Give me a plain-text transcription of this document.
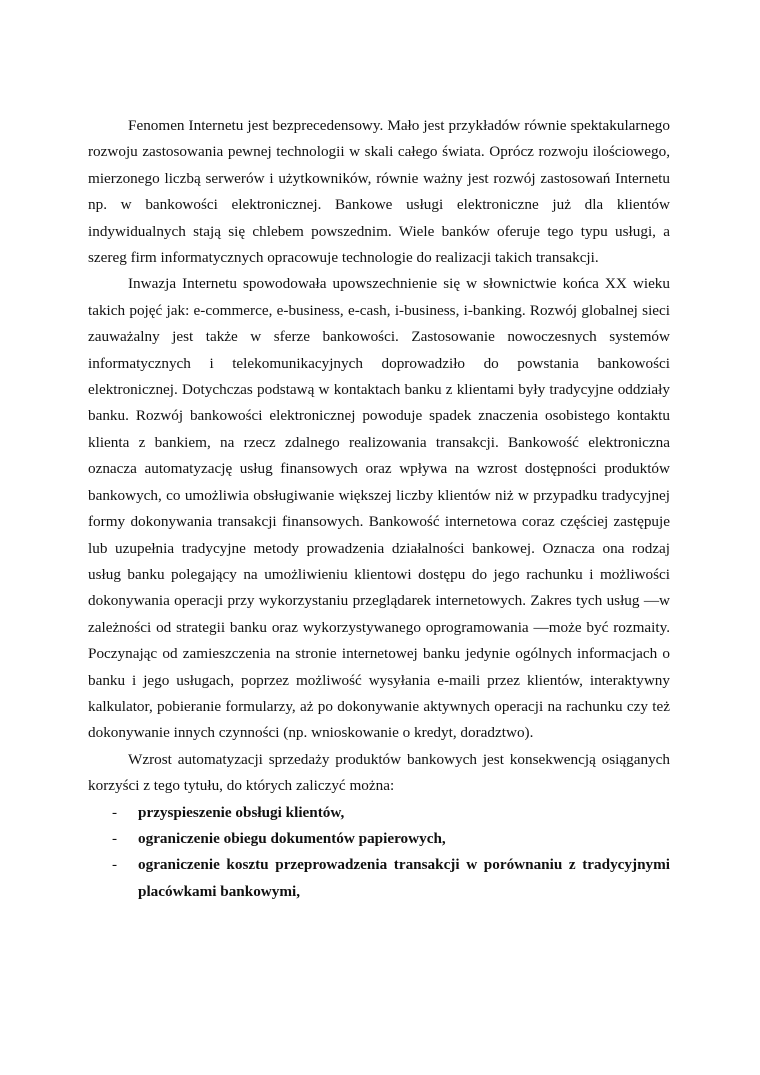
Fenomen Internetu jest bezprecedensowy. Mało jest przykładów równie spektakularnego rozwoju zastosowania pewnej technologii w skali całego świata. Oprócz rozwoju ilościowego, mierzonego liczbą serwerów i użytkowników, równie ważny jest rozwój zastosowań Internetu np. w bankowości elektronicznej. Bankowe usługi elektroniczne już dla klientów indywidualnych stają się chlebem powszednim. Wiele banków oferuje tego typu usługi, a szereg firm informatycznych opracowuje technologie do realizacji takich transakcji.

Inwazja Internetu spowodowała upowszechnienie się w słownictwie końca XX wieku takich pojęć jak: e-commerce, e-business, e-cash, i-business, i-banking. Rozwój globalnej sieci zauważalny jest także w sferze bankowości. Zastosowanie nowoczesnych systemów informatycznych i telekomunikacyjnych doprowadziło do powstania bankowości elektronicznej. Dotychczas podstawą w kontaktach banku z klientami były tradycyjne oddziały banku. Rozwój bankowości elektronicznej powoduje spadek znaczenia osobistego kontaktu klienta z bankiem, na rzecz zdalnego realizowania transakcji. Bankowość elektroniczna oznacza automatyzację usług finansowych oraz wpływa na wzrost dostępności produktów bankowych, co umożliwia obsługiwanie większej liczby klientów niż w przypadku tradycyjnej formy dokonywania transakcji finansowych. Bankowość internetowa coraz częściej zastępuje lub uzupełnia tradycyjne metody prowadzenia działalności bankowej. Oznacza ona rodzaj usług banku polegający na umożliwieniu klientowi dostępu do jego rachunku i możliwości dokonywania operacji przy wykorzystaniu przeglądarek internetowych. Zakres tych usług —w zależności od strategii banku oraz wykorzystywanego oprogramowania —może być rozmaity. Poczynając od zamieszczenia na stronie internetowej banku jedynie ogólnych informacjach o banku i jego usługach, poprzez możliwość wysyłania e-maili przez klientów, interaktywny kalkulator, pobieranie formularzy, aż po dokonywanie aktywnych operacji na rachunku czy też dokonywanie innych czynności (np. wnioskowanie o kredyt, doradztwo).

Wzrost automatyzacji sprzedaży produktów bankowych jest konsekwencją osiąganych korzyści z tego tytułu, do których zaliczyć można:

- przyspieszenie obsługi klientów,
- ograniczenie obiegu dokumentów papierowych,
- ograniczenie kosztu przeprowadzenia transakcji w porównaniu z tradycyjnymi placówkami bankowymi,
